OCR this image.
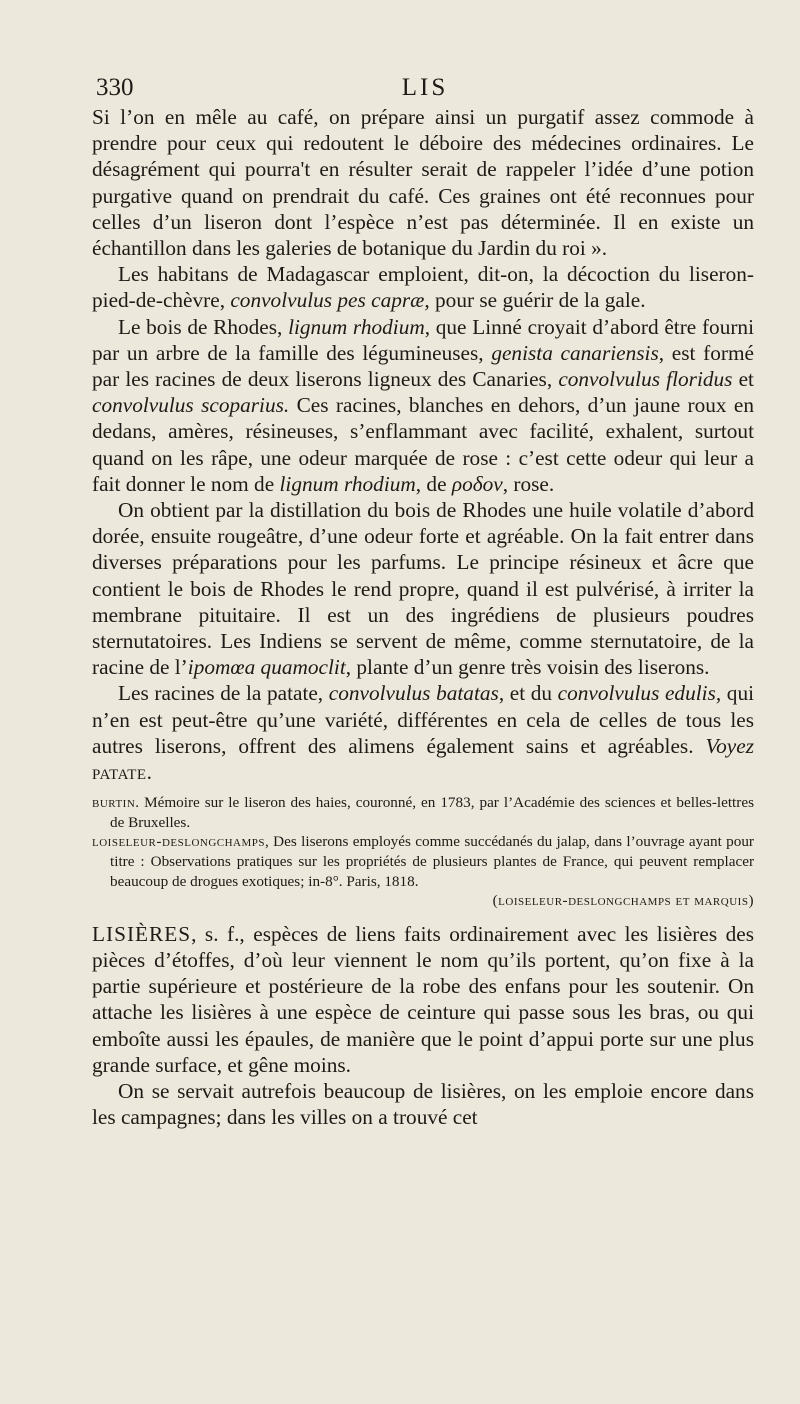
330	LIS

Si l’on en mêle au café, on prépare ainsi un purgatif assez commode à prendre pour ceux qui redoutent le déboire des médecines ordinaires. Le désagrément qui pourra't en résulter serait de rappeler l’idée d’une potion purgative quand on prendrait du café. Ces graines ont été reconnues pour celles d’un liseron dont l’espèce n’est pas déterminée. Il en existe un échantillon dans les galeries de botanique du Jardin du roi ».

Les habitans de Madagascar emploient, dit-on, la décoction du liseron-pied-de-chèvre, convolvulus pes capræ, pour se guérir de la gale.

Le bois de Rhodes, lignum rhodium, que Linné croyait d’abord être fourni par un arbre de la famille des légumineuses, genista canariensis, est formé par les racines de deux liserons ligneux des Canaries, convolvulus floridus et convolvulus scoparius. Ces racines, blanches en dehors, d’un jaune roux en dedans, amères, résineuses, s’enflammant avec facilité, exhalent, surtout quand on les râpe, une odeur marquée de rose : c’est cette odeur qui leur a fait donner le nom de lignum rhodium, de ρoδov, rose.

On obtient par la distillation du bois de Rhodes une huile volatile d’abord dorée, ensuite rougeâtre, d’une odeur forte et agréable. On la fait entrer dans diverses préparations pour les parfums. Le principe résineux et âcre que contient le bois de Rhodes le rend propre, quand il est pulvérisé, à irriter la membrane pituitaire. Il est un des ingrédiens de plusieurs poudres sternutatoires. Les Indiens se servent de même, comme sternutatoire, de la racine de l’ipomœa quamoclit, plante d’un genre très voisin des liserons.

Les racines de la patate, convolvulus batatas, et du convolvulus edulis, qui n’en est peut-être qu’une variété, différentes en cela de celles de tous les autres liserons, offrent des alimens également sains et agréables. Voyez patate.

burtin. Mémoire sur le liseron des haies, couronné, en 1783, par l’Académie des sciences et belles-lettres de Bruxelles.

loiseleur-deslongchamps, Des liserons employés comme succédanés du jalap, dans l’ouvrage ayant pour titre : Observations pratiques sur les propriétés de plusieurs plantes de France, qui peuvent remplacer beaucoup de drogues exotiques; in-8°. Paris, 1818.

(loiseleur-deslongchamps et marquis)

LISIÈRES, s. f., espèces de liens faits ordinairement avec les lisières des pièces d’étoffes, d’où leur viennent le nom qu’ils portent, qu’on fixe à la partie supérieure et postérieure de la robe des enfans pour les soutenir. On attache les lisières à une espèce de ceinture qui passe sous les bras, ou qui emboîte aussi les épaules, de manière que le point d’appui porte sur une plus grande surface, et gêne moins.

On se servait autrefois beaucoup de lisières, on les emploie encore dans les campagnes; dans les villes on a trouvé cet
